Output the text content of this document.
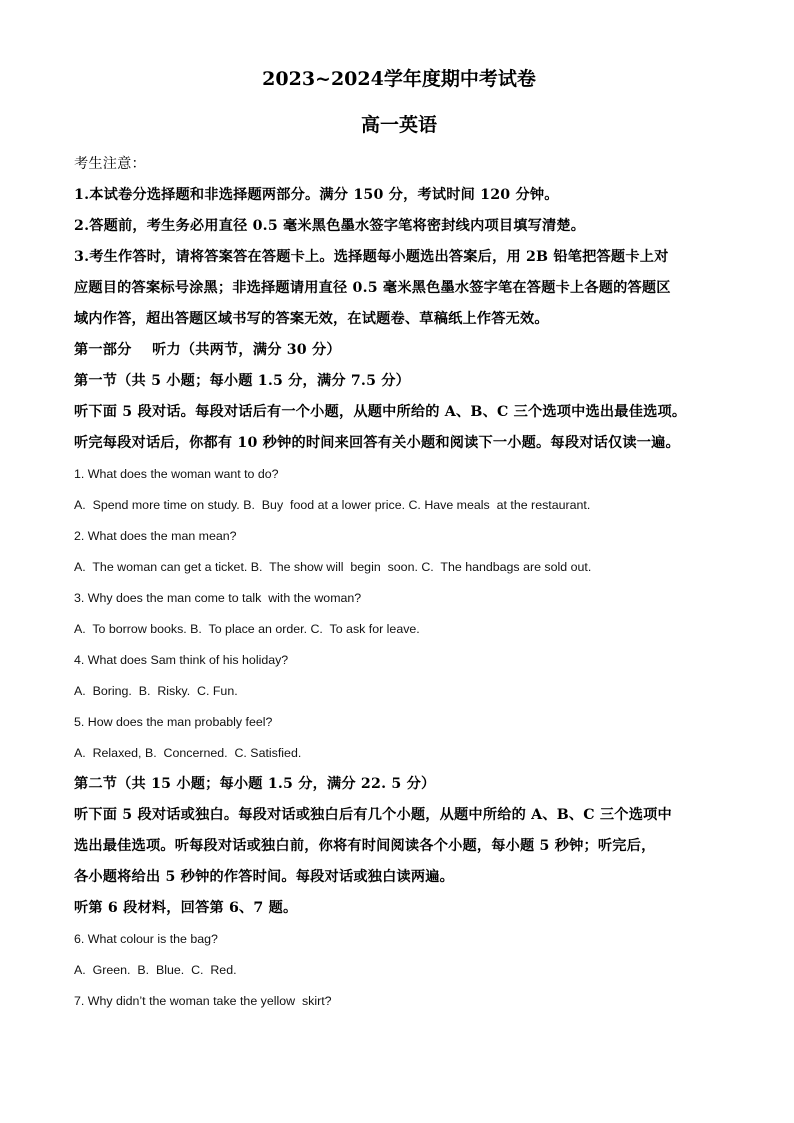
2023~2024学年度期中考试卷
高一英语

考生注意：

1.本试卷分选择题和非选择题两部分。满分 150 分，考试时间 120 分钟。

2.答题前，考生务必用直径 0.5 毫米黑色墨水签字笔将密封线内项目填写清楚。

3.考生作答时，请将答案答在答题卡上。选择题每小题选出答案后，用 2B 铅笔把答题卡上对

应题目的答案标号涂黑；非选择题请用直径 0.5 毫米黑色墨水签字笔在答题卡上各题的答题区

域内作答，超出答题区域书写的答案无效，在试题卷、草稿纸上作答无效。

第一部分    听力（共两节，满分 30 分）

第一节（共 5 小题；每小题 1.5 分，满分 7.5 分）

听下面 5 段对话。每段对话后有一个小题，从题中所给的 A、B、C 三个选项中选出最佳选项。

听完每段对话后，你都有 10 秒钟的时间来回答有关小题和阅读下一小题。每段对话仅读一遍。

1. What does the woman want to do?

A.  Spend more time on study. B.  Buy  food at a lower price. C. Have meals  at the restaurant.

2. What does the man mean?

A.  The woman can get a ticket. B.  The show will  begin  soon. C.  The handbags are sold out.

3. Why does the man come to talk  with the woman?

A.  To borrow books. B.  To place an order. C.  To ask for leave.

4. What does Sam think of his holiday?

A.  Boring.  B.  Risky.  C. Fun.

5. How does the man probably feel?

A.  Relaxed, B.  Concerned.  C. Satisfied.

第二节（共 15 小题；每小题 1.5 分，满分 22. 5 分）

听下面 5 段对话或独白。每段对话或独白后有几个小题，从题中所给的 A、B、C 三个选项中

选出最佳选项。听每段对话或独白前，你将有时间阅读各个小题，每小题 5 秒钟；听完后，

各小题将给出 5 秒钟的作答时间。每段对话或独白读两遍。

听第 6 段材料，回答第 6、7 题。

6. What colour is the bag?

A.  Green.  B.  Blue.  C.  Red.

7. Why didn’t the woman take the yellow  skirt?
